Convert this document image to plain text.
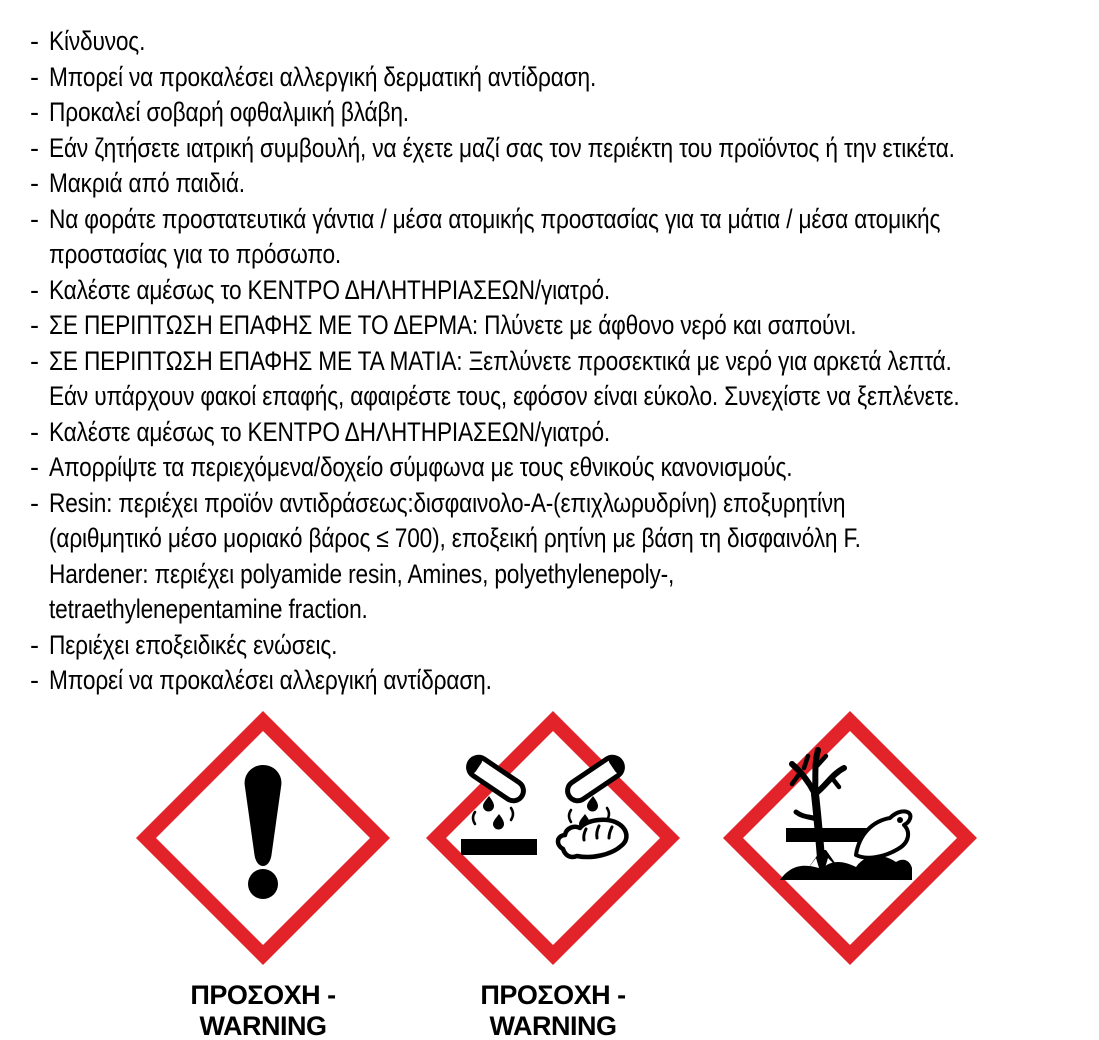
- Κίνδυνος.
- Μπορεί να προκαλέσει αλλεργική δερματική αντίδραση.
- Προκαλεί σοβαρή οφθαλμική βλάβη.
- Εάν ζητήσετε ιατρική συμβουλή, να έχετε μαζί σας τον περιέκτη του προϊόντος ή την ετικέτα.
- Μακριά από παιδιά.
- Να φοράτε προστατευτικά γάντια / μέσα ατομικής προστασίας για τα μάτια / μέσα ατομικής
προστασίας για το πρόσωπο.
- Καλέστε αμέσως το ΚΕΝΤΡΟ ΔΗΛΗΤΗΡΙΑΣΕΩΝ/γιατρό.
- ΣΕ ΠΕΡΙΠΤΩΣΗ ΕΠΑΦΗΣ ΜΕ ΤΟ ΔΕΡΜΑ: Πλύνετε με άφθονο νερό και σαπούνι.
- ΣΕ ΠΕΡΙΠΤΩΣΗ ΕΠΑΦΗΣ ΜΕ ΤΑ ΜΑΤΙΑ: Ξεπλύνετε προσεκτικά με νερό για αρκετά λεπτά.
Εάν υπάρχουν φακοί επαφής, αφαιρέστε τους, εφόσον είναι εύκολο. Συνεχίστε να ξεπλένετε.
- Καλέστε αμέσως το ΚΕΝΤΡΟ ΔΗΛΗΤΗΡΙΑΣΕΩΝ/γιατρό.
- Απορρίψτε τα περιεχόμενα/δοχείο σύμφωνα με τους εθνικούς κανονισμούς.
- Resin: περιέχει προϊόν αντιδράσεως:δισφαινολο-A-(επιχλωρυδρίνη) εποξυρητίνη
(αριθμητικό μέσο μοριακό βάρος ≤ 700), εποξεική ρητίνη με βάση τη δισφαινόλη F.
Hardener: περιέχει polyamide resin, Amines, polyethylenepoly-,
tetraethylenepentamine fraction.
- Περιέχει εποξειδικές ενώσεις.
- Μπορεί να προκαλέσει αλλεργική αντίδραση.
ΠΡΟΣΟΧΗ - WARNING
ΠΡΟΣΟΧΗ - WARNING
